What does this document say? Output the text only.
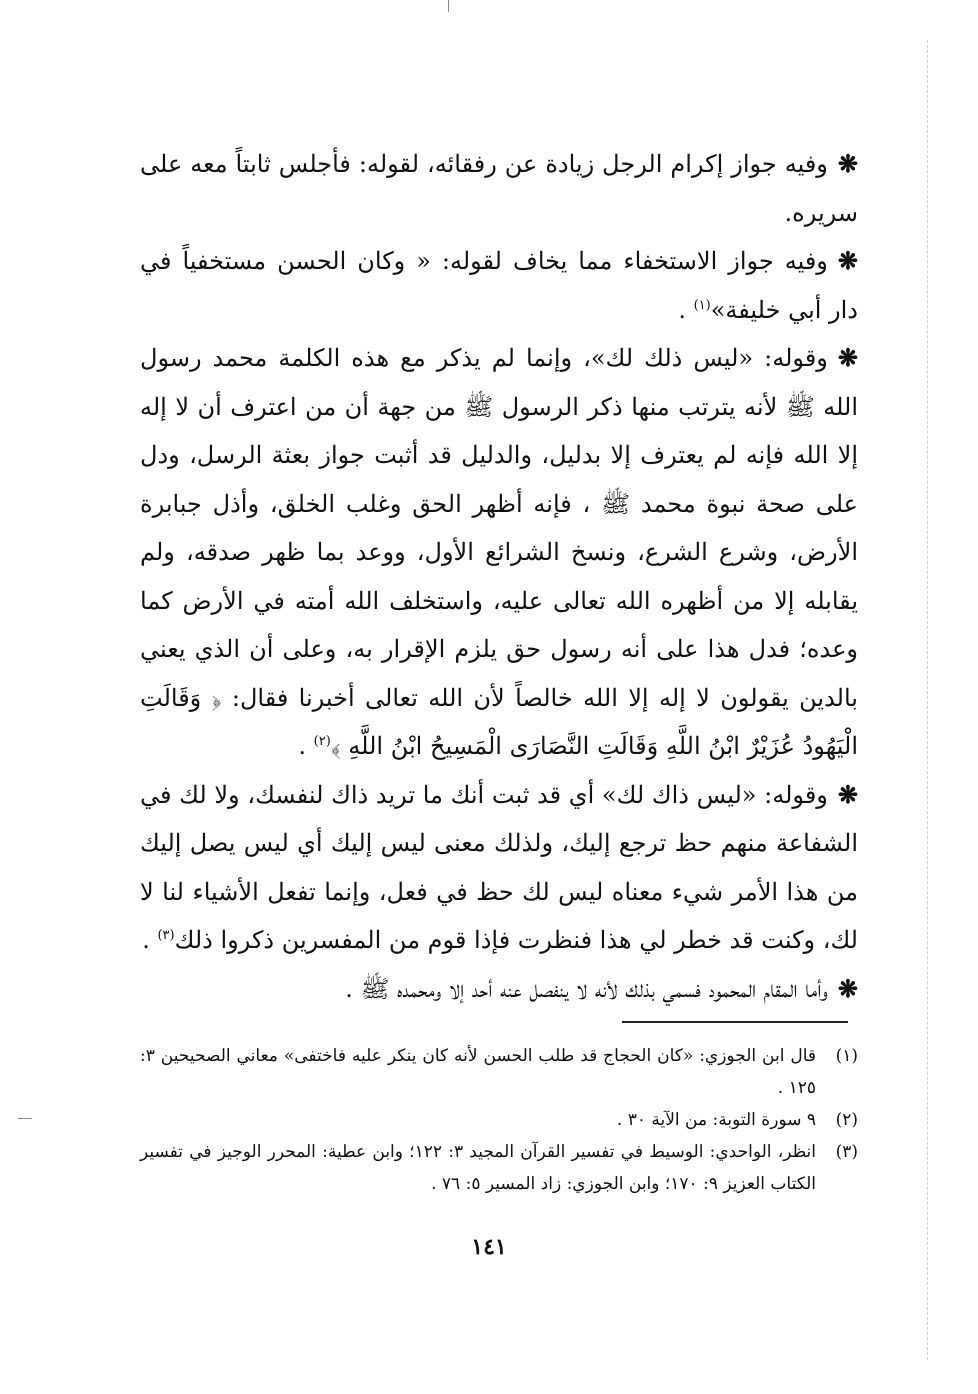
❋وفيه جواز إكرام الرجل زيادة عن رفقائه، لقوله: فأجلس ثابتاً معه على سريره.

❋وفيه جواز الاستخفاء مما يخاف لقوله: « وكان الحسن مستخفياً في دار أبي خليفة»$^{(١)}$ .

❋وقوله: «ليس ذلك لك»، وإنما لم يذكر مع هذه الكلمة محمد رسول الله ﷺ لأنه يترتب منها ذكر الرسول ﷺ من جهة أن من اعترف أن لا إله إلا الله فإنه لم يعترف إلا بدليل، والدليل قد أثبت جواز بعثة الرسل، ودل على صحة نبوة محمد ﷺ ، فإنه أظهر الحق وغلب الخلق، وأذل جبابرة الأرض، وشرع الشرع، ونسخ الشرائع الأول، ووعد بما ظهر صدقه، ولم يقابله إلا من أظهره الله تعالى عليه، واستخلف الله أمته في الأرض كما وعده؛ فدل هذا على أنه رسول حق يلزم الإقرار به، وعلى أن الذي يعني بالدين يقولون لا إله إلا الله خالصاً لأن الله تعالى أخبرنا فقال: ﴿ وَقَالَتِ الْيَهُودُ عُزَيْرٌ ابْنُ اللَّهِ وَقَالَتِ النَّصَارَى الْمَسِيحُ ابْنُ اللَّهِ ﴾$^{(٢)}$ .

❋وقوله: «ليس ذاك لك» أي قد ثبت أنك ما تريد ذاك لنفسك، ولا لك في الشفاعة منهم حظ ترجع إليك، ولذلك معنى ليس إليك أي ليس يصل إليك من هذا الأمر شيء معناه ليس لك حظ في فعل، وإنما تفعل الأشياء لنا لا لك، وكنت قد خطر لي هذا فنظرت فإذا قوم من المفسرين ذكروا ذلك$^{(٣)}$ .

❋وأما المقام المحمود فسمي بذلك لأنه لا ينفصل عنه أحد إلا ومحمده ﷺ .

(١)
قال ابن الجوزي: «كان الحجاج قد طلب الحسن لأنه كان ينكر عليه فاختفى» معاني الصحيحين ٣: ١٢٥ .

(٢)
٩ سورة التوبة: من الآية ٣٠ .

(٣)
انظر، الواحدي: الوسيط في تفسير القرآن المجيد ٣: ١٢٢؛ وابن عطية: المحرر الوجيز في تفسير الكتاب العزيز ٩: ١٧٠؛ وابن الجوزي: زاد المسير ٥: ٧٦ .

١٤١
